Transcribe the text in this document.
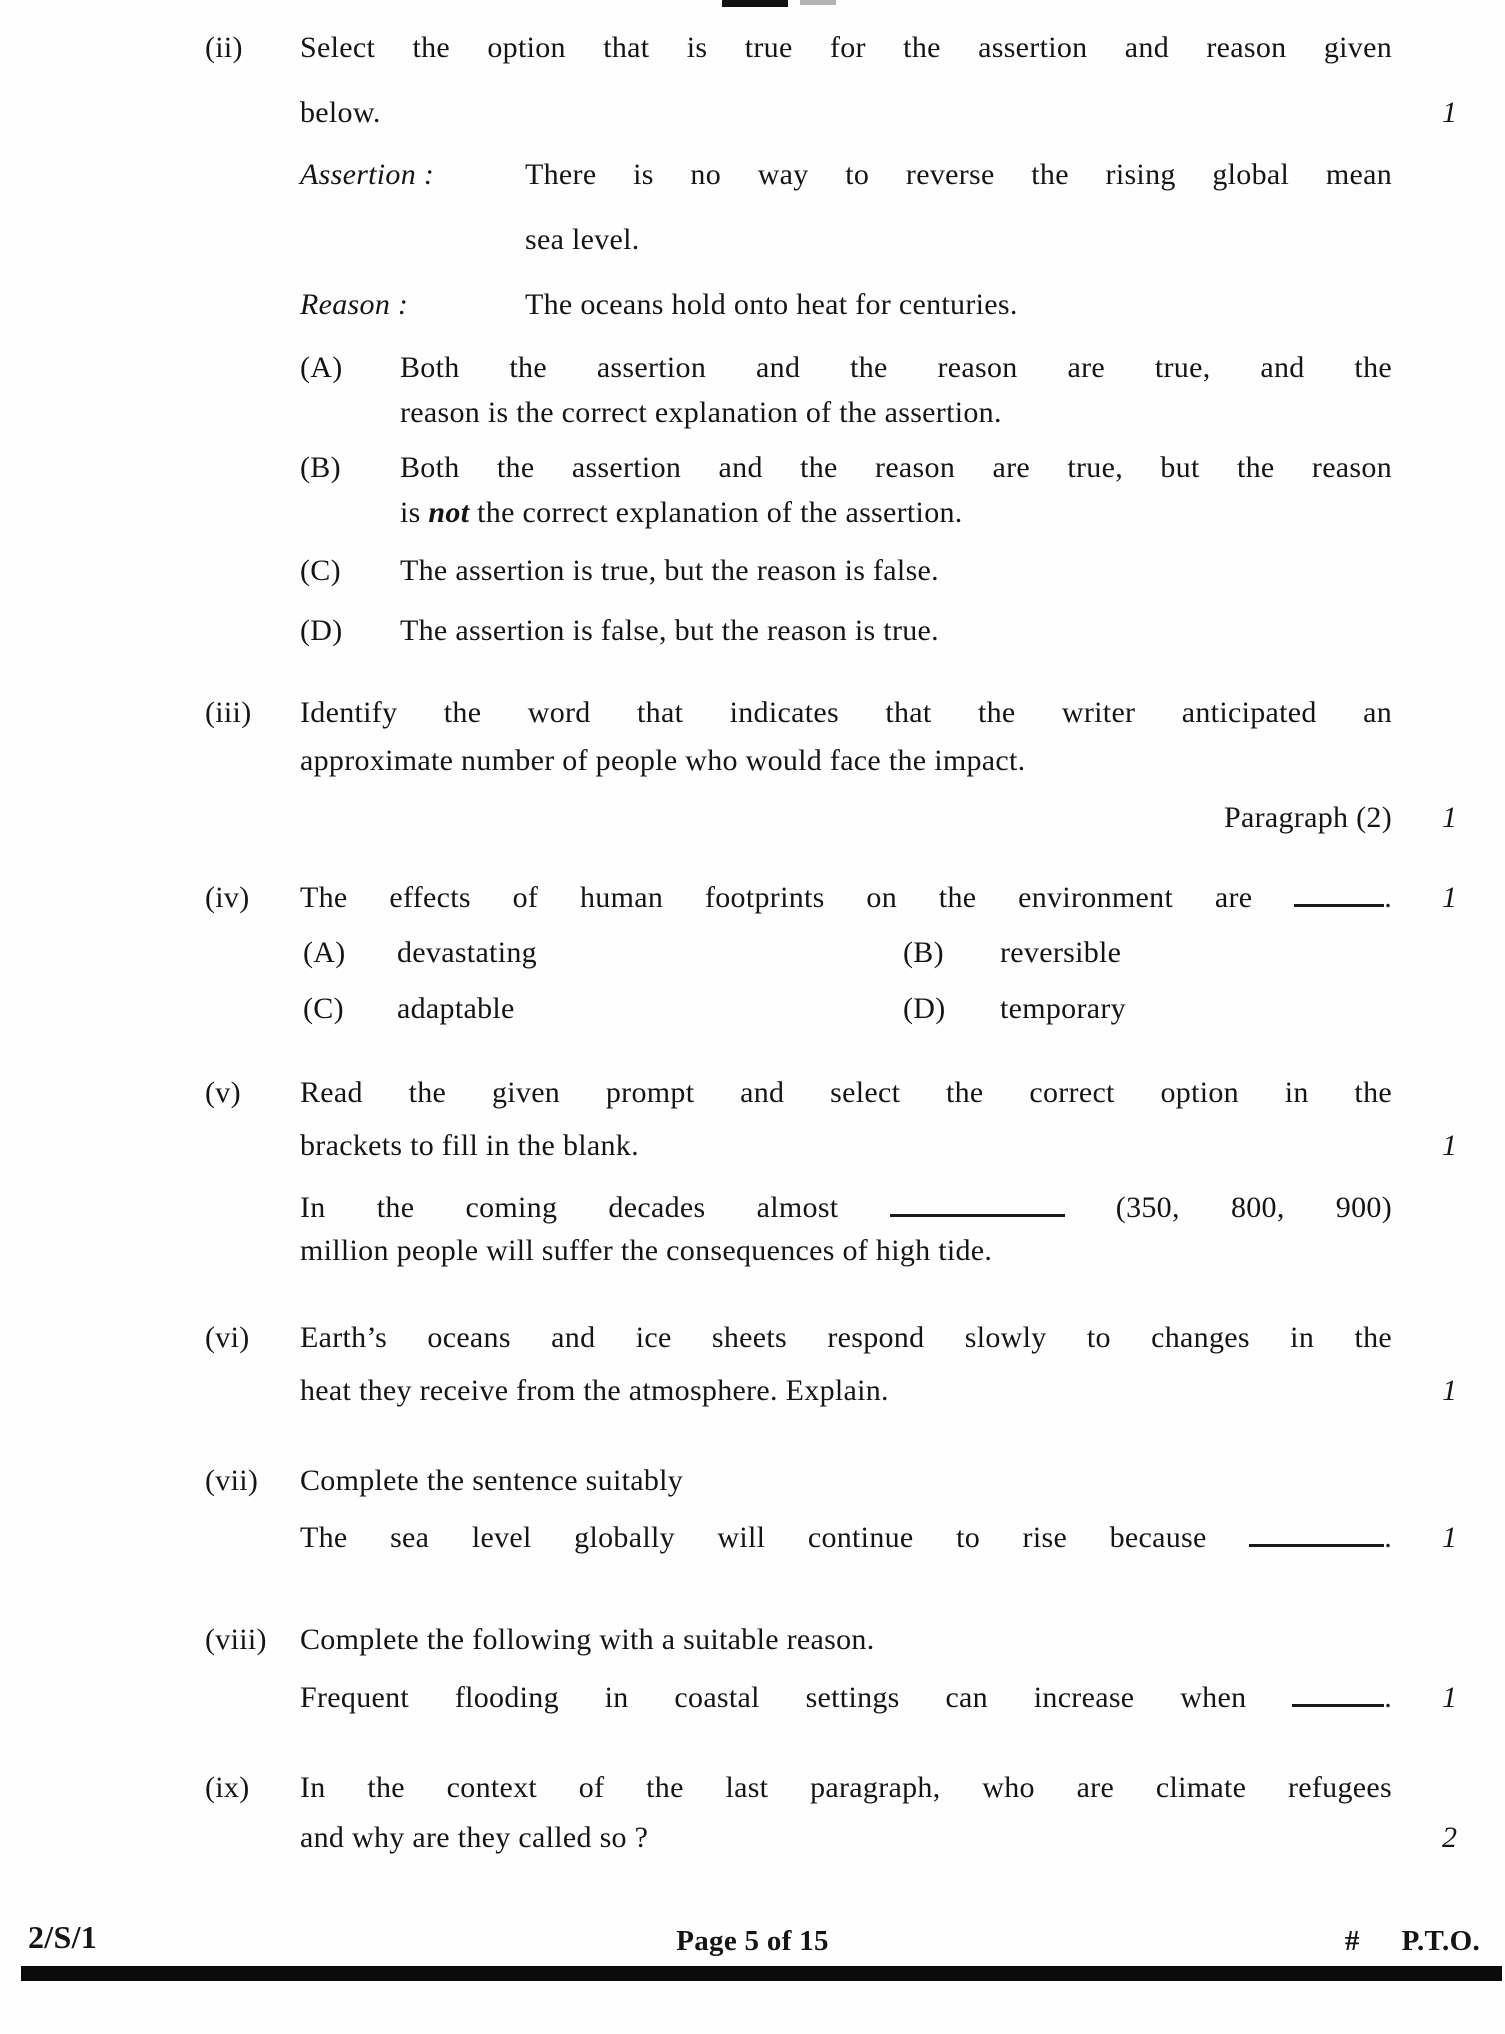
(ii) Select the option that is true for the assertion and reason given
below.	1
Assertion :	There is no way to reverse the rising global mean
sea level.
Reason :	The oceans hold onto heat for centuries.
(A) Both the assertion and the reason are true, and the
reason is the correct explanation of the assertion.
(B) Both the assertion and the reason are true, but the reason
is not the correct explanation of the assertion.
(C) The assertion is true, but the reason is false.
(D) The assertion is false, but the reason is true.
(iii) Identify the word that indicates that the writer anticipated an
approximate number of people who would face the impact.
Paragraph (2) 1
(iv) The effects of human footprints on the environment are	. 1
(A) devastating	(B) reversible
(C) adaptable	(D) temporary
(v) Read the given prompt and select the correct option in the
brackets to fill in the blank.	1
In the coming decades almost	(350, 800, 900)
million people will suffer the consequences of high tide.
(vi) Earth’s oceans and ice sheets respond slowly to changes in the
heat they receive from the atmosphere. Explain.	1
(vii) Complete the sentence suitably
The sea level globally will continue to rise because	. 1
(viii) Complete the following with a suitable reason.
Frequent flooding in coastal settings can increase when	. 1
(ix) In the context of the last paragraph, who are climate refugees
and why are they called so ?	2
2/S/1	Page 5 of 15	# P.T.O.
